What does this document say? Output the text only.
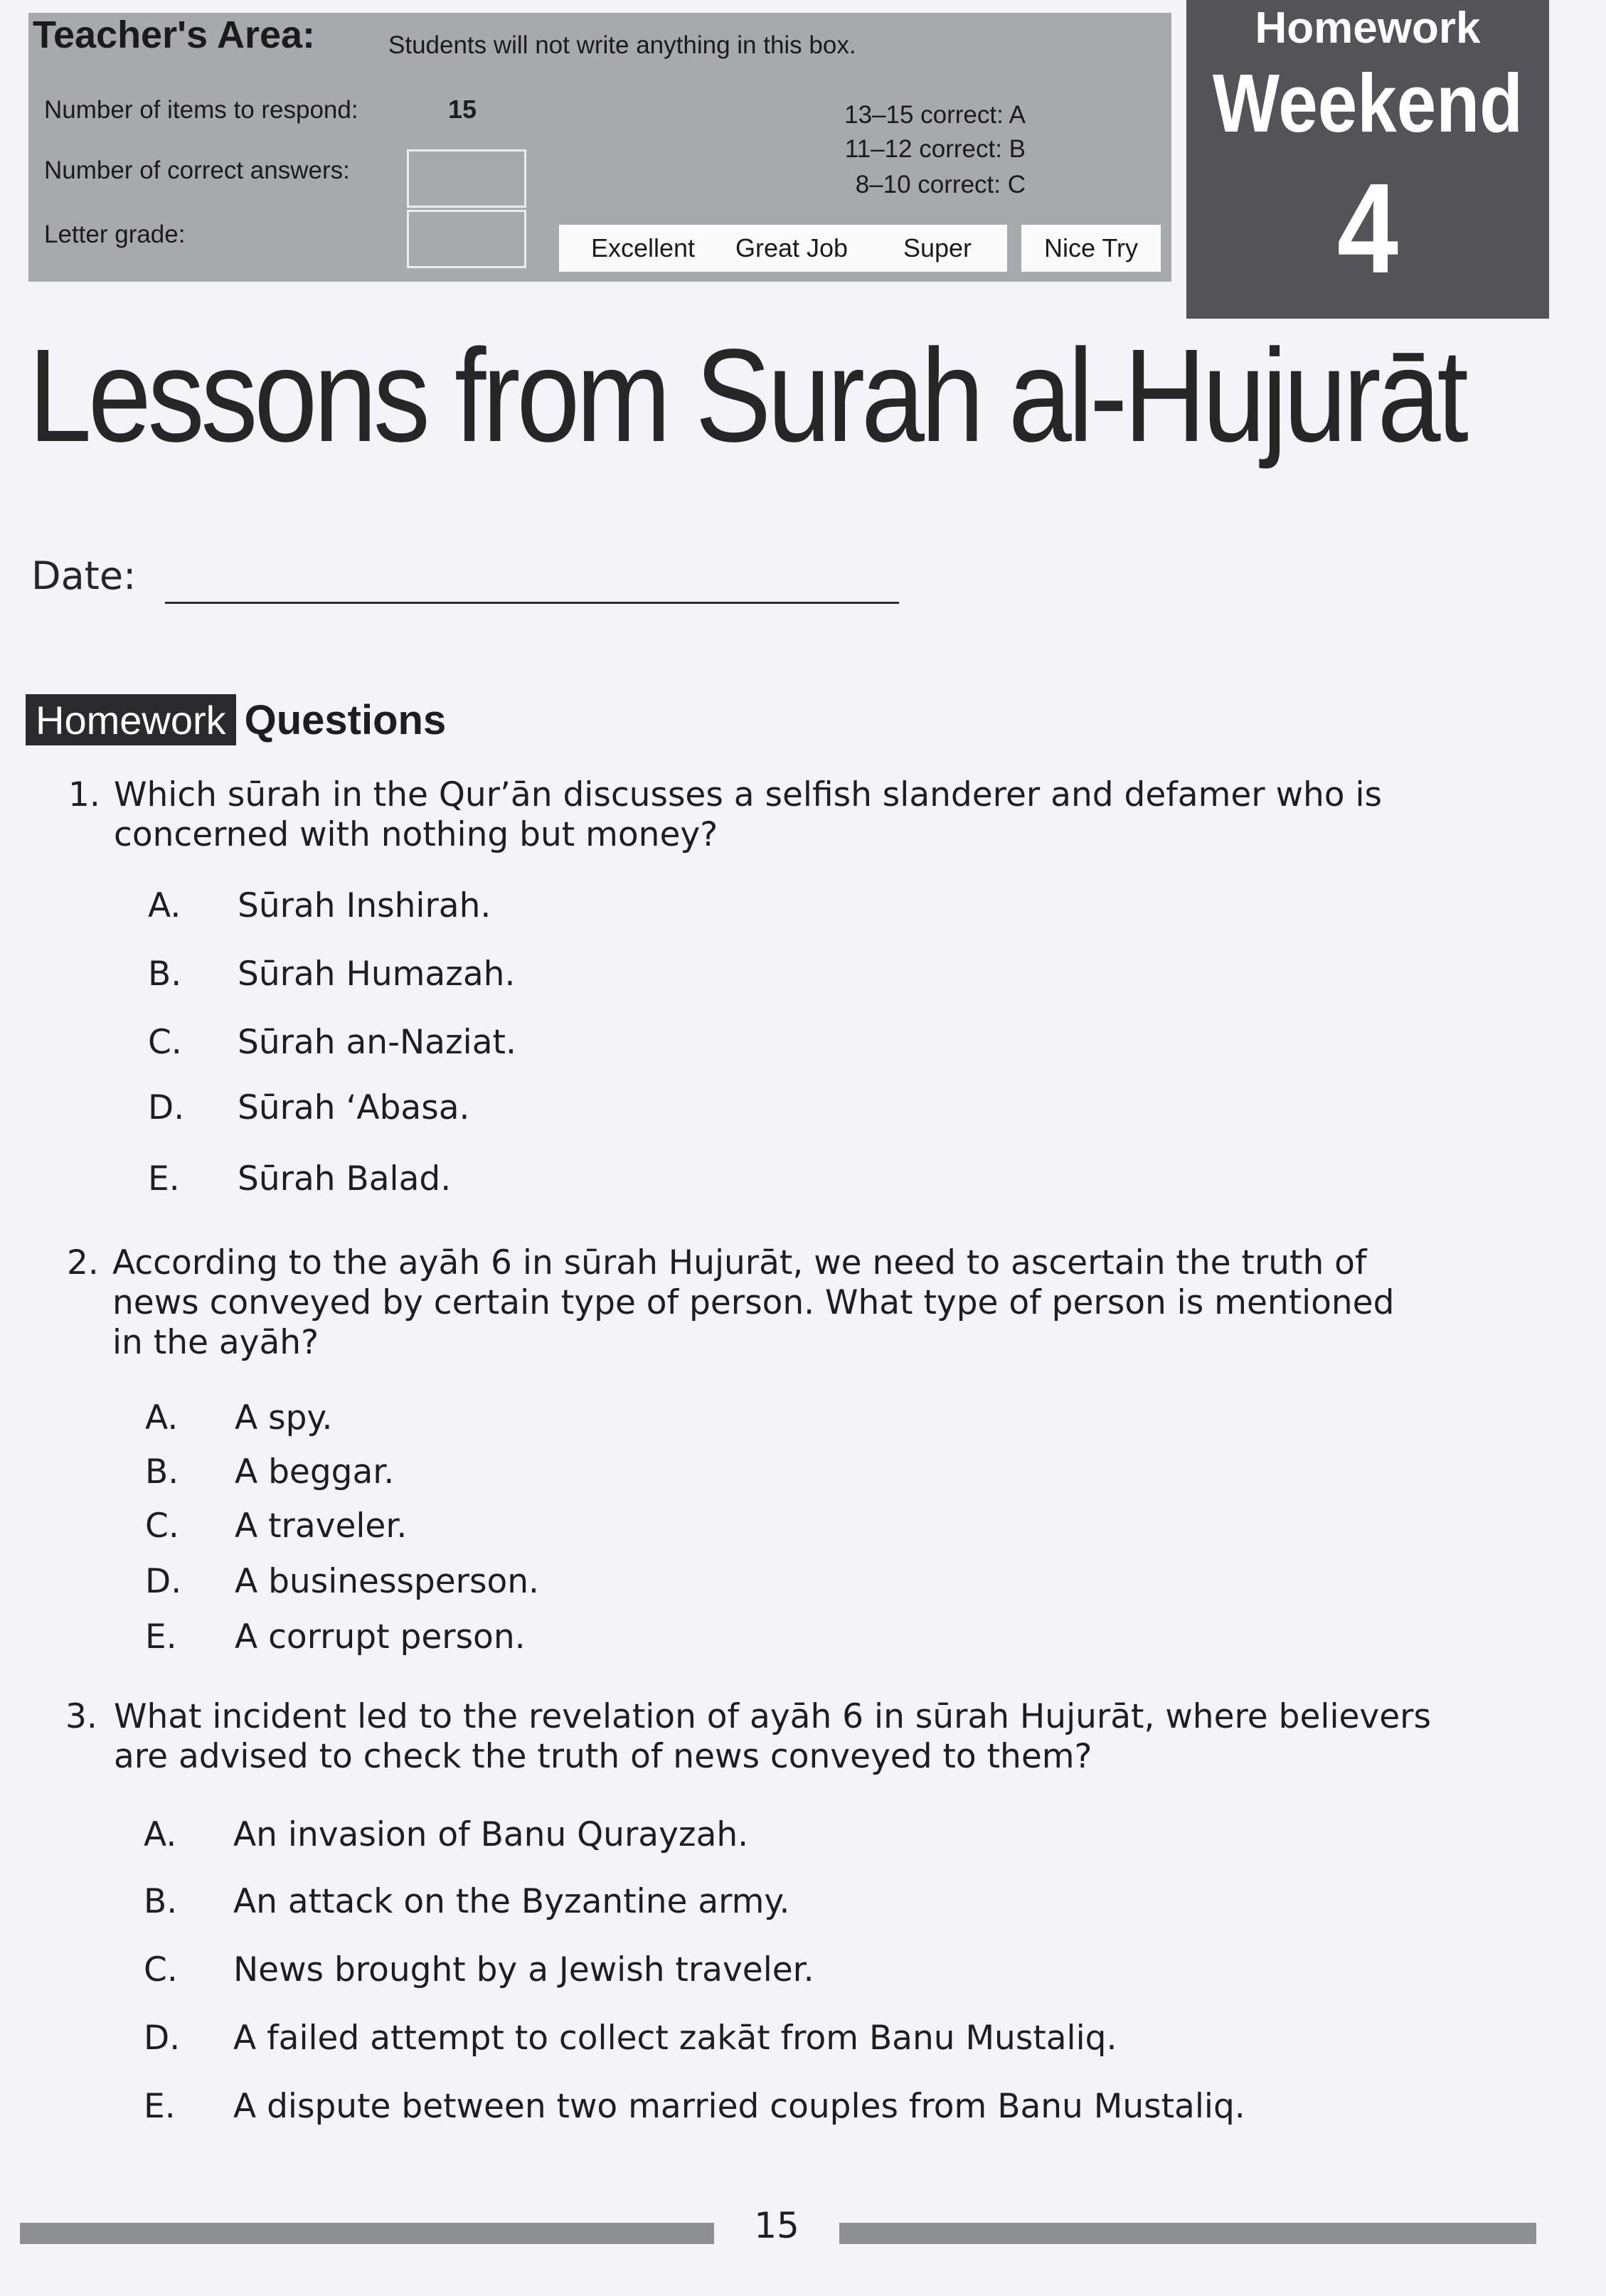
Teacher's Area:	Students will not write anything in this box.
Number of items to respond:	15
Number of correct answers:
Letter grade:
13–15 correct: A
11–12 correct: B
8–10 correct: C
Excellent	Great Job	Super	Nice Try
Homework
Weekend
4
Lessons from Surah al-Hujurāt
Date:
Homework Questions
1. Which sūrah in the Qur’ān discusses a selfish slanderer and defamer who is
concerned with nothing but money?
A. Sūrah Inshirah.
B. Sūrah Humazah.
C. Sūrah an-Naziat.
D. Sūrah ‘Abasa.
E. Sūrah Balad.
2. According to the ayāh 6 in sūrah Hujurāt, we need to ascertain the truth of
news conveyed by certain type of person. What type of person is mentioned
in the ayāh?
A. A spy.
B. A beggar.
C. A traveler.
D. A businessperson.
E. A corrupt person.
3. What incident led to the revelation of ayāh 6 in sūrah Hujurāt, where believers
are advised to check the truth of news conveyed to them?
A. An invasion of Banu Qurayzah.
B. An attack on the Byzantine army.
C. News brought by a Jewish traveler.
D. A failed attempt to collect zakāt from Banu Mustaliq.
E. A dispute between two married couples from Banu Mustaliq.
15
